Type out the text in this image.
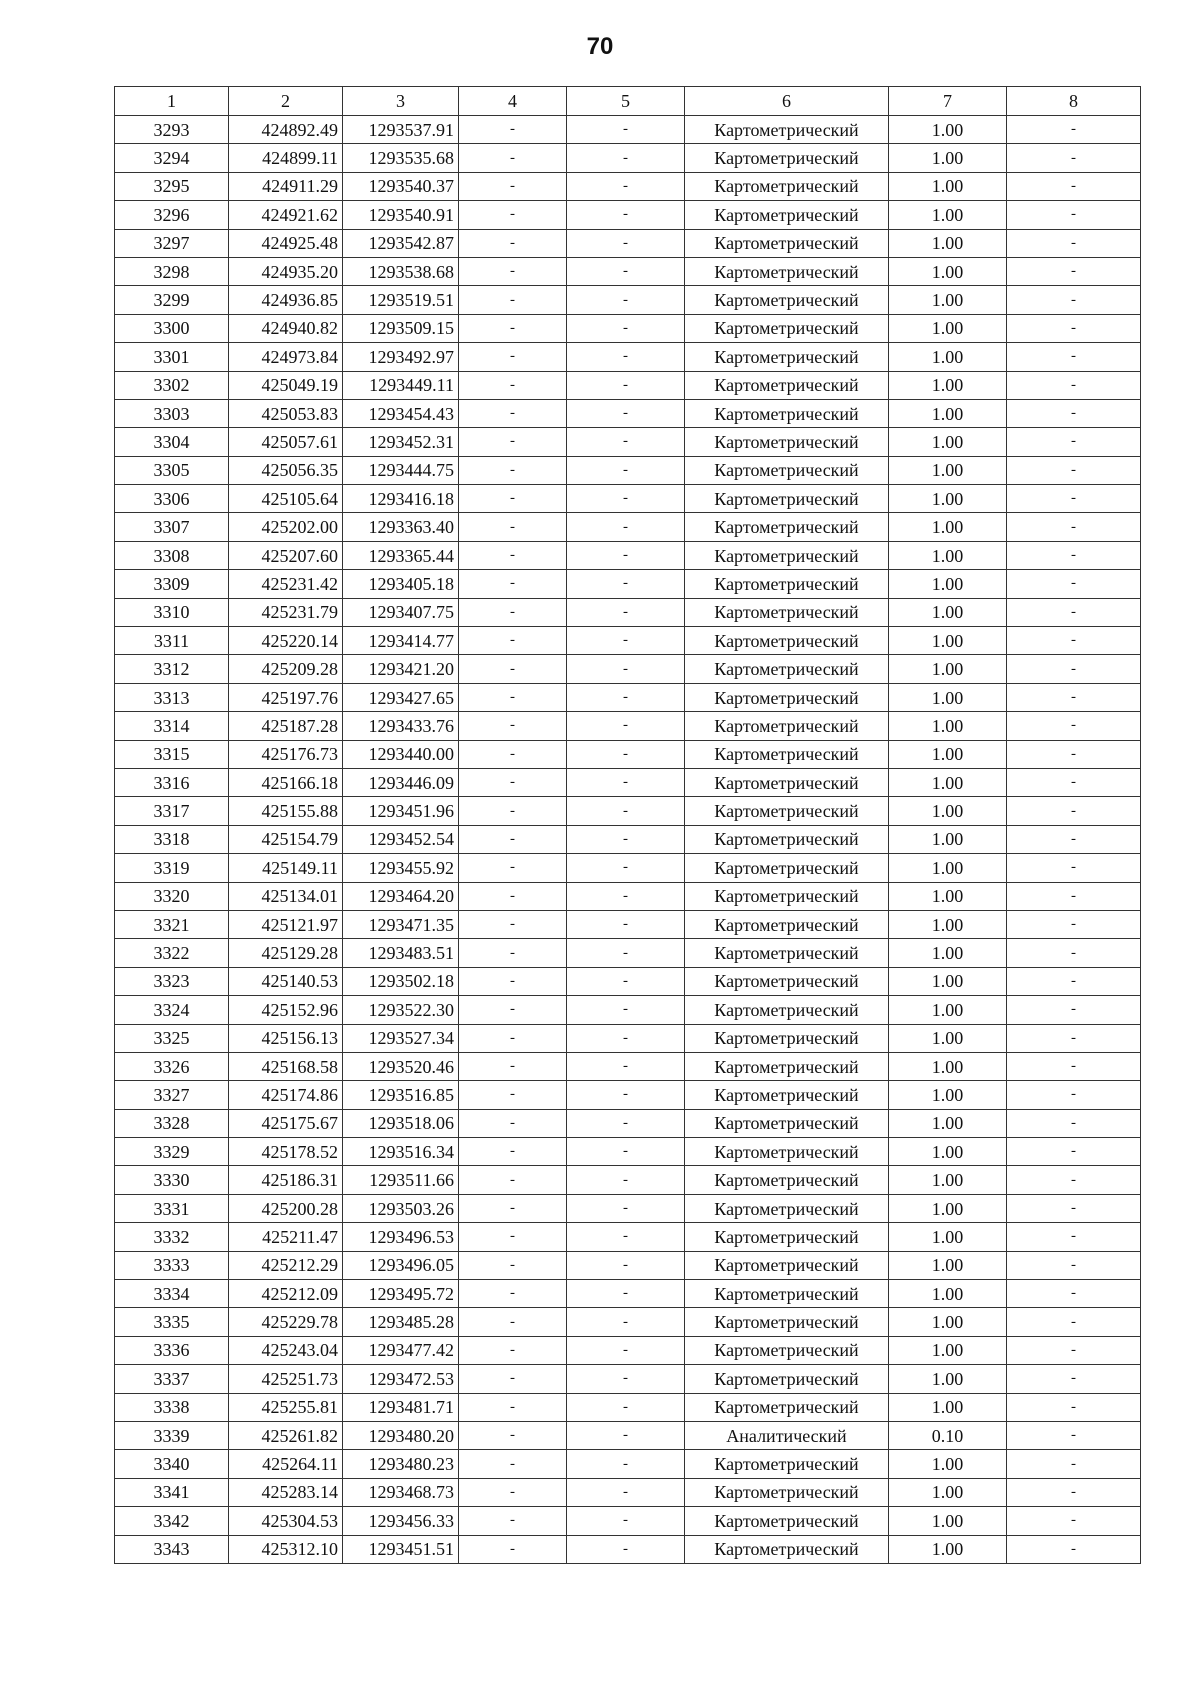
70
1	2	3	4	5	6	7	8
3293	424892.49	1293537.91	-	-	Картометрический	1.00	-
3294	424899.11	1293535.68	-	-	Картометрический	1.00	-
3295	424911.29	1293540.37	-	-	Картометрический	1.00	-
3296	424921.62	1293540.91	-	-	Картометрический	1.00	-
3297	424925.48	1293542.87	-	-	Картометрический	1.00	-
3298	424935.20	1293538.68	-	-	Картометрический	1.00	-
3299	424936.85	1293519.51	-	-	Картометрический	1.00	-
3300	424940.82	1293509.15	-	-	Картометрический	1.00	-
3301	424973.84	1293492.97	-	-	Картометрический	1.00	-
3302	425049.19	1293449.11	-	-	Картометрический	1.00	-
3303	425053.83	1293454.43	-	-	Картометрический	1.00	-
3304	425057.61	1293452.31	-	-	Картометрический	1.00	-
3305	425056.35	1293444.75	-	-	Картометрический	1.00	-
3306	425105.64	1293416.18	-	-	Картометрический	1.00	-
3307	425202.00	1293363.40	-	-	Картометрический	1.00	-
3308	425207.60	1293365.44	-	-	Картометрический	1.00	-
3309	425231.42	1293405.18	-	-	Картометрический	1.00	-
3310	425231.79	1293407.75	-	-	Картометрический	1.00	-
3311	425220.14	1293414.77	-	-	Картометрический	1.00	-
3312	425209.28	1293421.20	-	-	Картометрический	1.00	-
3313	425197.76	1293427.65	-	-	Картометрический	1.00	-
3314	425187.28	1293433.76	-	-	Картометрический	1.00	-
3315	425176.73	1293440.00	-	-	Картометрический	1.00	-
3316	425166.18	1293446.09	-	-	Картометрический	1.00	-
3317	425155.88	1293451.96	-	-	Картометрический	1.00	-
3318	425154.79	1293452.54	-	-	Картометрический	1.00	-
3319	425149.11	1293455.92	-	-	Картометрический	1.00	-
3320	425134.01	1293464.20	-	-	Картометрический	1.00	-
3321	425121.97	1293471.35	-	-	Картометрический	1.00	-
3322	425129.28	1293483.51	-	-	Картометрический	1.00	-
3323	425140.53	1293502.18	-	-	Картометрический	1.00	-
3324	425152.96	1293522.30	-	-	Картометрический	1.00	-
3325	425156.13	1293527.34	-	-	Картометрический	1.00	-
3326	425168.58	1293520.46	-	-	Картометрический	1.00	-
3327	425174.86	1293516.85	-	-	Картометрический	1.00	-
3328	425175.67	1293518.06	-	-	Картометрический	1.00	-
3329	425178.52	1293516.34	-	-	Картометрический	1.00	-
3330	425186.31	1293511.66	-	-	Картометрический	1.00	-
3331	425200.28	1293503.26	-	-	Картометрический	1.00	-
3332	425211.47	1293496.53	-	-	Картометрический	1.00	-
3333	425212.29	1293496.05	-	-	Картометрический	1.00	-
3334	425212.09	1293495.72	-	-	Картометрический	1.00	-
3335	425229.78	1293485.28	-	-	Картометрический	1.00	-
3336	425243.04	1293477.42	-	-	Картометрический	1.00	-
3337	425251.73	1293472.53	-	-	Картометрический	1.00	-
3338	425255.81	1293481.71	-	-	Картометрический	1.00	-
3339	425261.82	1293480.20	-	-	Аналитический	0.10	-
3340	425264.11	1293480.23	-	-	Картометрический	1.00	-
3341	425283.14	1293468.73	-	-	Картометрический	1.00	-
3342	425304.53	1293456.33	-	-	Картометрический	1.00	-
3343	425312.10	1293451.51	-	-	Картометрический	1.00	-
